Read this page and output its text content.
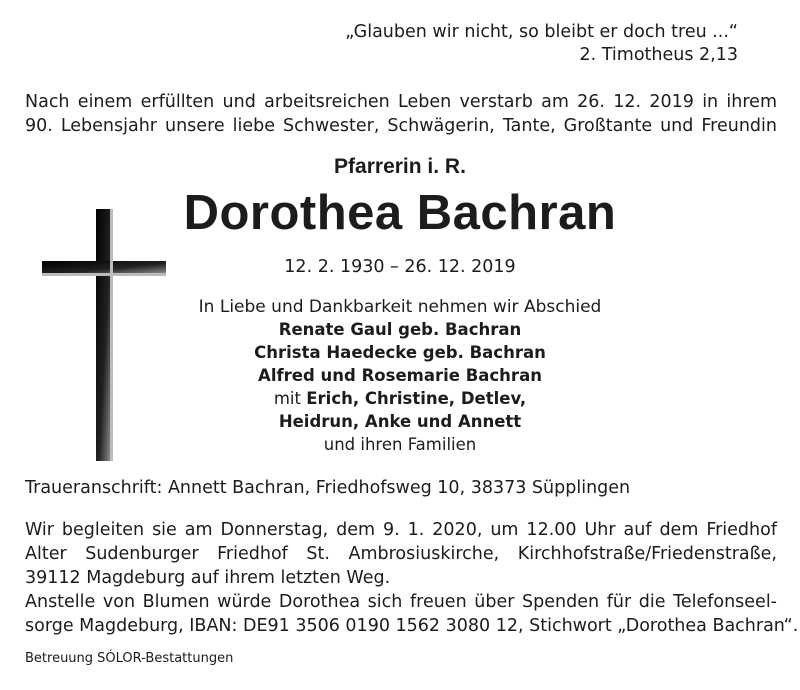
„Glauben wir nicht, so bleibt er doch treu ...“
2. Timotheus 2,13
Nach einem erfüllten und arbeitsreichen Leben verstarb am 26. 12. 2019 in ihrem
90. Lebensjahr unsere liebe Schwester, Schwägerin, Tante, Großtante und Freundin
Pfarrerin i. R.
Dorothea Bachran
12. 2. 1930 – 26. 12. 2019
In Liebe und Dankbarkeit nehmen wir Abschied
Renate Gaul geb. Bachran
Christa Haedecke geb. Bachran
Alfred und Rosemarie Bachran
mit Erich, Christine, Detlev,
Heidrun, Anke und Annett
und ihren Familien
Traueranschrift: Annett Bachran, Friedhofsweg 10, 38373 Süpplingen
Wir begleiten sie am Donnerstag, dem 9. 1. 2020, um 12.00 Uhr auf dem Friedhof
Alter Sudenburger Friedhof St. Ambrosiuskirche, Kirchhofstraße/Friedenstraße,
39112 Magdeburg auf ihrem letzten Weg.
Anstelle von Blumen würde Dorothea sich freuen über Spenden für die Telefonseel-
sorge Magdeburg, IBAN: DE91 3506 0190 1562 3080 12, Stichwort „Dorothea Bachran“.
Betreuung SÓLOR-Bestattungen
